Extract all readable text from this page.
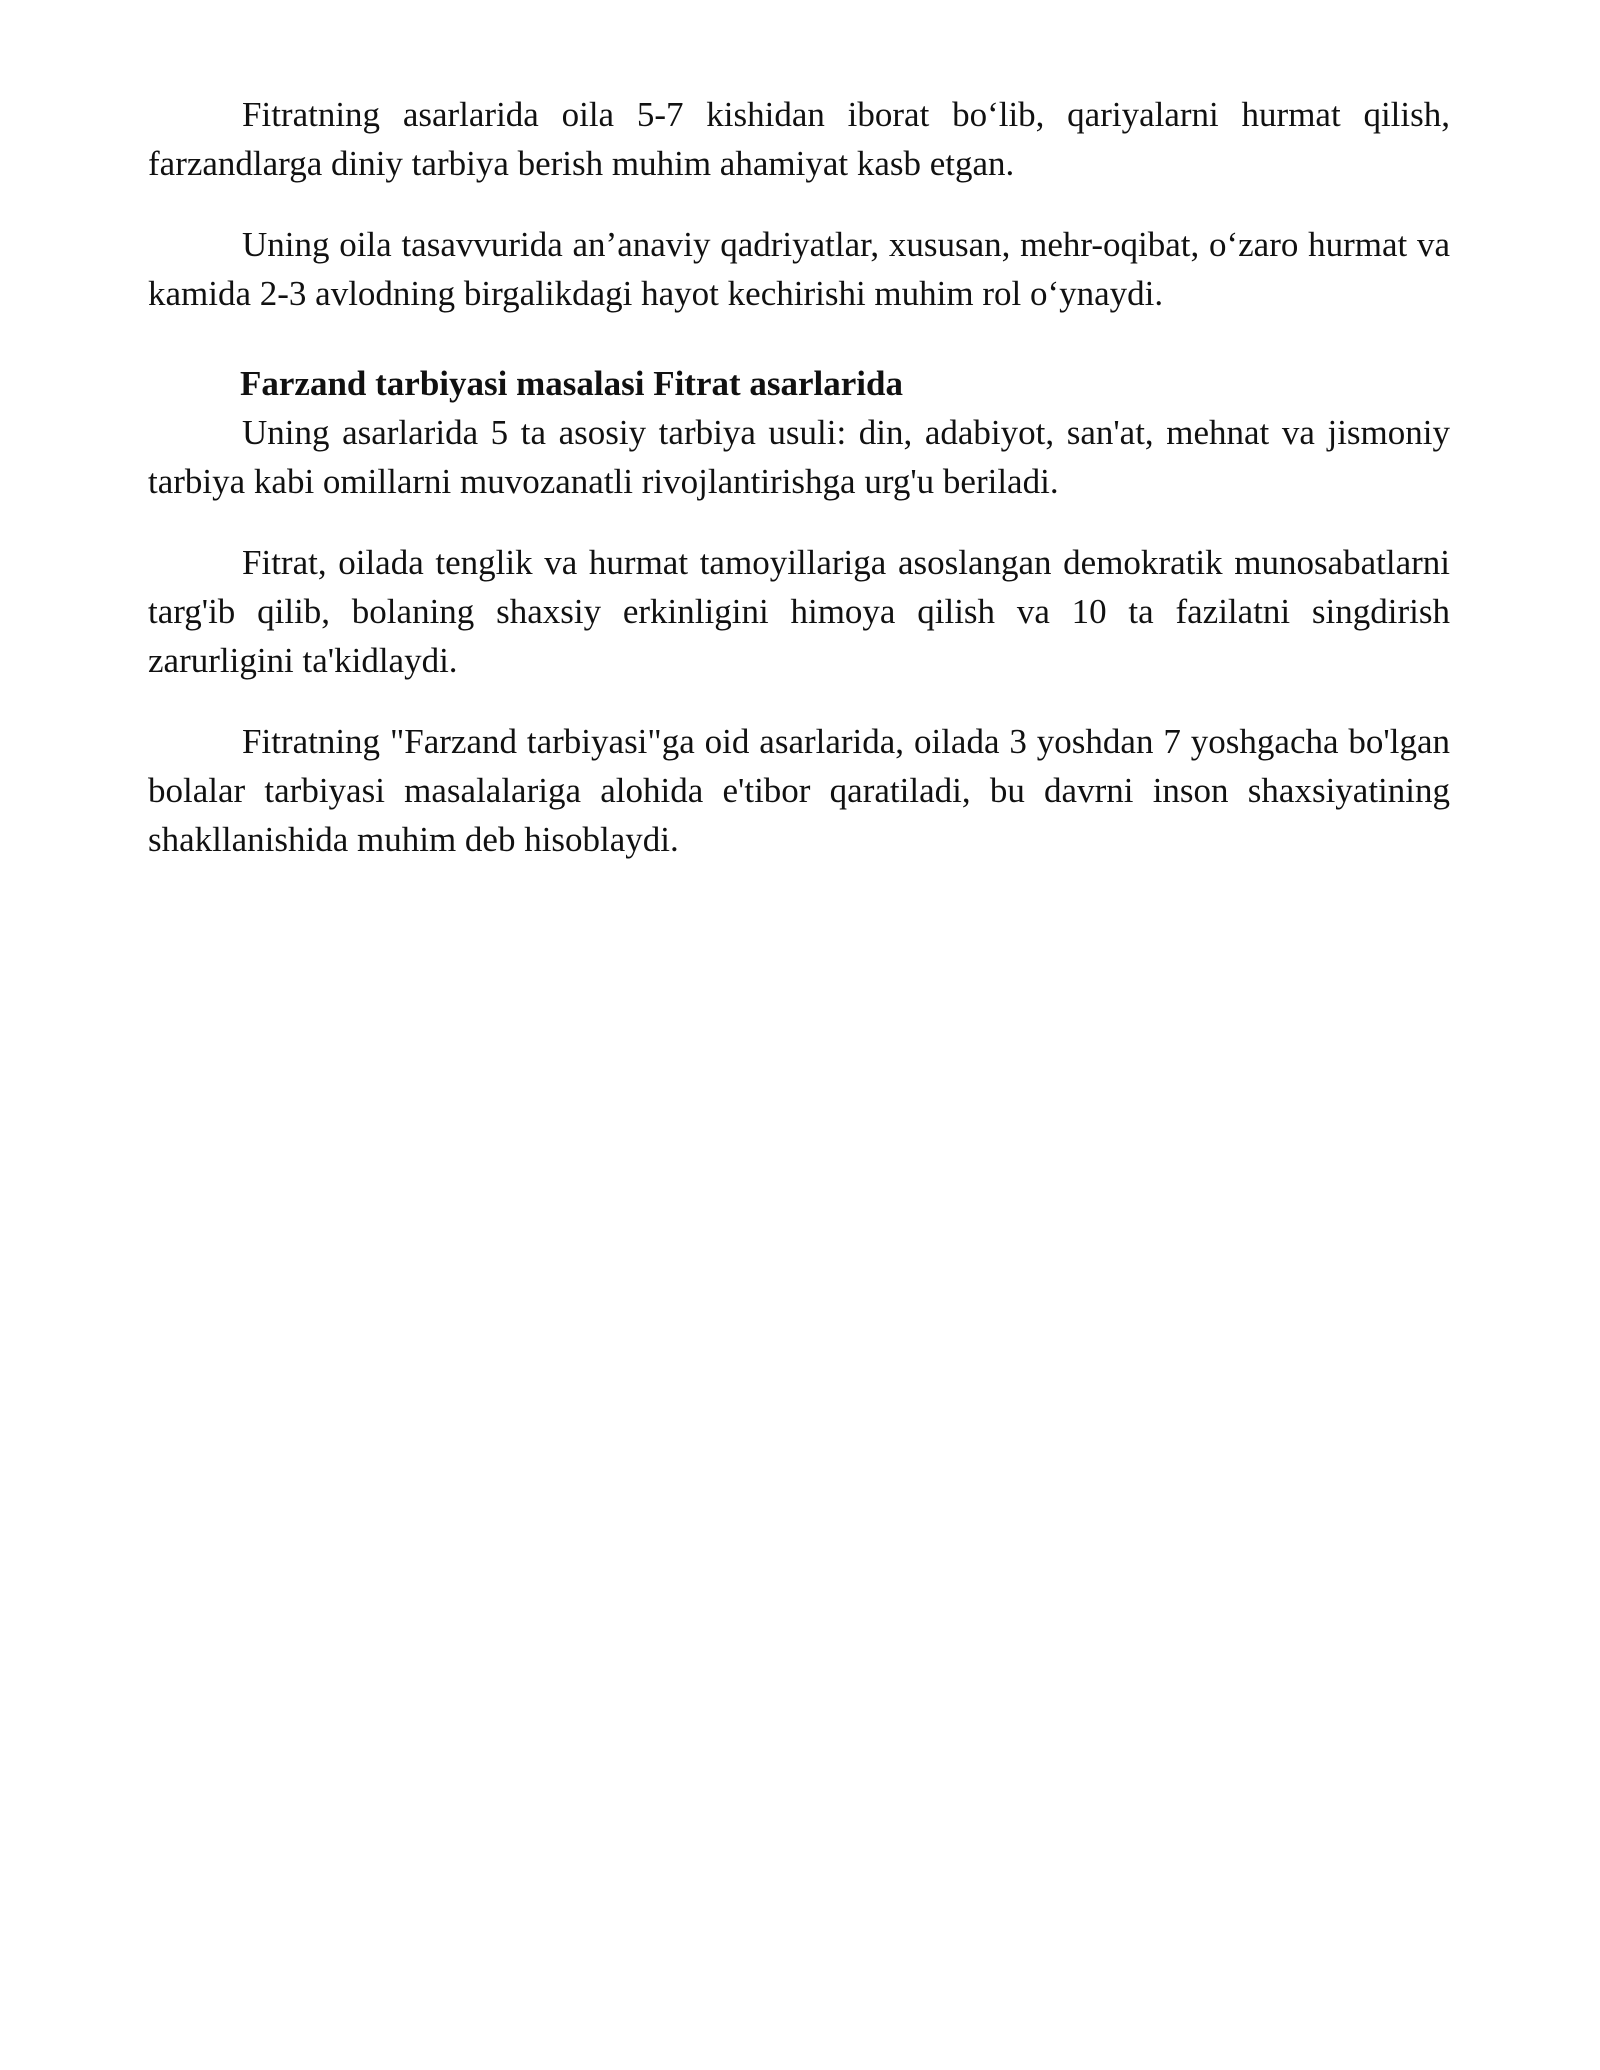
Fitratning asarlarida oila 5-7 kishidan iborat bo‘lib, qariyalarni hurmat qilish, farzandlarga diniy tarbiya berish muhim ahamiyat kasb etgan.

Uning oila tasavvurida an’anaviy qadriyatlar, xususan, mehr-oqibat, o‘zaro hurmat va kamida 2-3 avlodning birgalikdagi hayot kechirishi muhim rol o‘ynaydi.

Farzand tarbiyasi masalasi Fitrat asarlarida

Uning asarlarida 5 ta asosiy tarbiya usuli: din, adabiyot, san'at, mehnat va jismoniy tarbiya kabi omillarni muvozanatli rivojlantirishga urg'u beriladi.

Fitrat, oilada tenglik va hurmat tamoyillariga asoslangan demokratik munosabatlarni targ'ib qilib, bolaning shaxsiy erkinligini himoya qilish va 10 ta fazilatni singdirish zarurligini ta'kidlaydi.

Fitratning "Farzand tarbiyasi"ga oid asarlarida, oilada 3 yoshdan 7 yoshgacha bo'lgan bolalar tarbiyasi masalalariga alohida e'tibor qaratiladi, bu davrni inson shaxsiyatining shakllanishida muhim deb hisoblaydi.
